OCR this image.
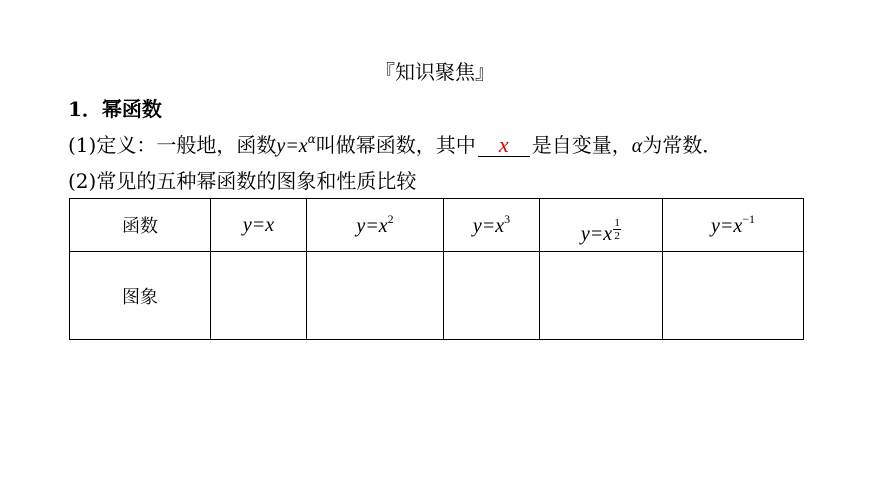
『知识聚焦』
1．幂函数
(1)定义：一般地，函数$y=x^\alpha$叫做幂函数，其中 x 是自变量，α为常数．
(2)常见的五种幂函数的图象和性质比较
函数	y=x	$y=x^2$	$y=x^3$	$y=x \frac{1}{2}$	$y=x^{-1}$
图象					
